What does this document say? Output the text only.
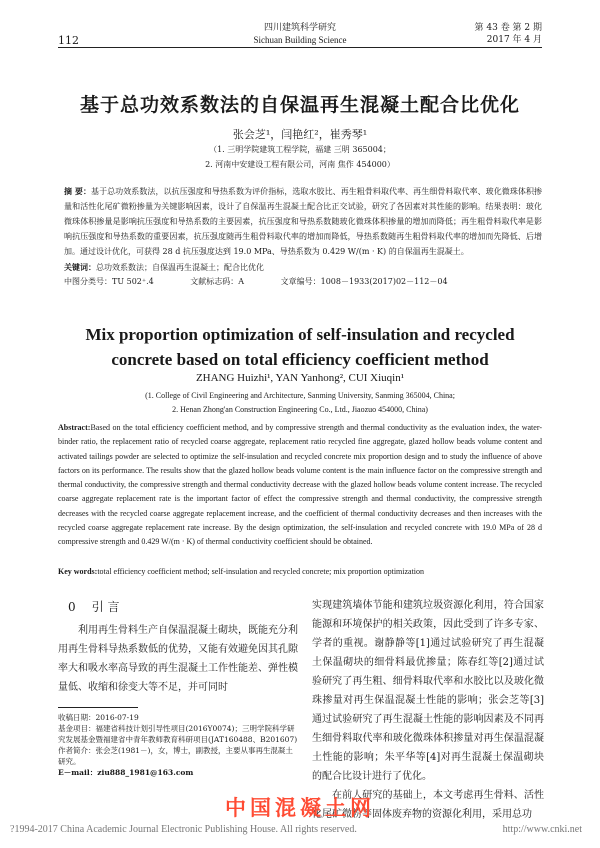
112
四川建筑科学研究
Sichuan Building Science
第 43 卷 第 2 期
2017 年 4 月
基于总功效系数法的自保温再生混凝土配合比优化
张会芝¹，闫艳红²，崔秀琴¹
（1. 三明学院建筑工程学院，福建 三明 365004；
2. 河南中安建设工程有限公司，河南 焦作 454000）
摘 要：基于总功效系数法，以抗压强度和导热系数为评价指标，选取水胶比、再生粗骨料取代率、再生细骨料取代率、玻化微珠体积掺量和活性化尾矿微粉掺量为关键影响因素，设计了自保温再生混凝土配合比正交试验，研究了各因素对其性能的影响。结果表明：玻化微珠体积掺量是影响抗压强度和导热系数的主要因素，抗压强度和导热系数随玻化微珠体积掺量的增加而降低；再生粗骨料取代率是影响抗压强度和导热系数的重要因素，抗压强度随再生粗骨料取代率的增加而降低，导热系数随再生粗骨料取代率的增加而先降低、后增加。通过设计优化，可获得 28 d 抗压强度达到 19.0 MPa、导热系数为 0.429 W/(m · K) 的自保温再生混凝土。
关键词：总功效系数法；自保温再生混凝土；配合比优化
中图分类号：TU 502⁺.4	文献标志码：A	文章编号：1008－1933(2017)02－112－04
Mix proportion optimization of self-insulation and recycled
concrete based on total efficiency coefficient method
ZHANG Huizhi¹, YAN Yanhong², CUI Xiuqin¹
(1. College of Civil Engineering and Architecture, Sanming University, Sanming 365004, China;
2. Henan Zhong'an Construction Engineering Co., Ltd., Jiaozuo 454000, China)
Abstract:Based on the total efficiency coefficient method, and by compressive strength and thermal conductivity as the evaluation index, the water-binder ratio, the replacement ratio of recycled coarse aggregate, replacement ratio recycled fine aggregate, glazed hollow beads volume content and activated tailings powder are selected to optimize the self-insulation and recycled concrete mix proportion design and to study the influence of above factors on its performance. The results show that the glazed hollow beads volume content is the main influence factor on the compressive strength and thermal conductivity, the compressive strength and thermal conductivity decrease with the glazed hollow beads volume content increase. The recycled coarse aggregate replacement rate is the important factor of effect the compressive strength and thermal conductivity, the compressive strength decreases with the recycled coarse aggregate replacement increase, and the coefficient of thermal conductivity decreases and then increases with the recycled coarse aggregate replacement rate increase. By the design optimization, the self-insulation and recycled concrete with 19.0 MPa of 28 d compressive strength and 0.429 W/(m · K) of thermal conductivity coefficient should be obtained.
Key words:total efficiency coefficient method; self-insulation and recycled concrete; mix proportion optimization
0 引 言

利用再生骨料生产自保温混凝土砌块，既能充分利用再生骨料导热系数低的优势，又能有效避免因其孔隙率大和吸水率高导致的再生混凝土工作性能差、弹性模量低、收缩和徐变大等不足，并可同时

收稿日期：2016-07-19

基金项目：福建省科技计划引导性项目(2016Y0074)；三明学院科学研究发展基金暨福建省中青年教师教育科研项目(JAT160488、B201607)

作者简介：张会芝(1981－)，女，博士，副教授，主要从事再生混凝土研究。

E－mail：ziu888_1981@163.com

实现建筑墙体节能和建筑垃圾资源化利用，符合国家能源和环境保护的相关政策，因此受到了许多专家、学者的重视。谢静静等[1]通过试验研究了再生混凝土保温砌块的细骨料最优掺量；陈春红等[2]通过试验研究了再生粗、细骨料取代率和水胶比以及玻化微珠掺量对再生保温混凝土性能的影响；张会芝等[3]通过试验研究了再生混凝土性能的影响因素及不同再生细骨料取代率和玻化微珠体积掺量对再生保温混凝土性能的影响；朱平华等[4]对再生混凝土保温砌块的配合比设计进行了优化。

在前人研究的基础上，本文考虑再生骨料、活性化尾矿微粉等固体废弃物的资源化利用，采用总功

中国混凝土网
?1994-2017 China Academic Journal Electronic Publishing House. All rights reserved.	http://www.cnki.net
